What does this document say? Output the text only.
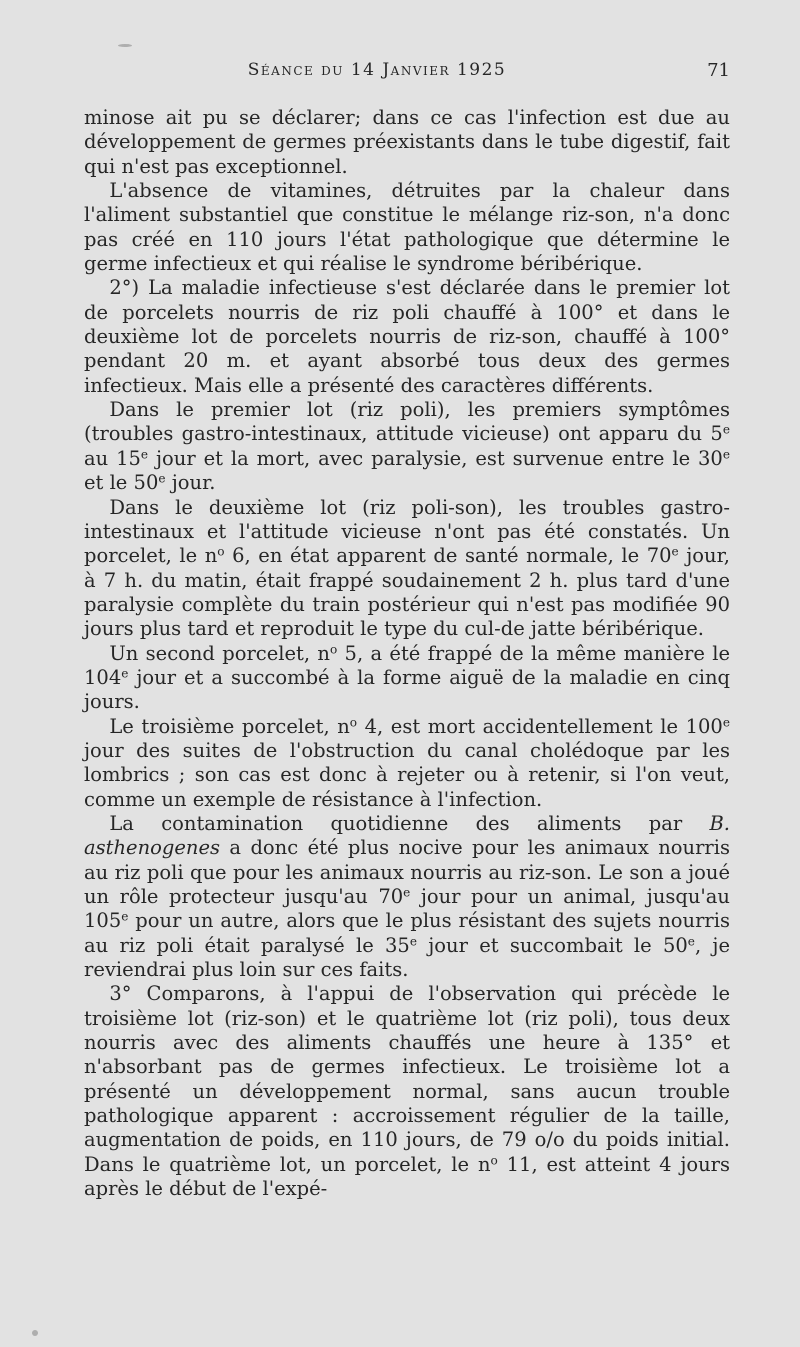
Séance du 14 Janvier 1925	71

minose ait pu se déclarer; dans ce cas l'infection est due au développement de germes préexistants dans le tube digestif, fait qui n'est pas exceptionnel.

L'absence de vitamines, détruites par la chaleur dans l'aliment substantiel que constitue le mélange riz-son, n'a donc pas créé en 110 jours l'état pathologique que détermine le germe infectieux et qui réalise le syndrome béribérique.

2°) La maladie infectieuse s'est déclarée dans le premier lot de porcelets nourris de riz poli chauffé à 100° et dans le deuxième lot de porcelets nourris de riz-son, chauffé à 100° pendant 20 m. et ayant absorbé tous deux des germes infectieux. Mais elle a présenté des caractères différents.

Dans le premier lot (riz poli), les premiers symptômes (troubles gastro-intestinaux, attitude vicieuse) ont apparu du 5e au 15e jour et la mort, avec paralysie, est survenue entre le 30e et le 50e jour.

Dans le deuxième lot (riz poli-son), les troubles gastro-intestinaux et l'attitude vicieuse n'ont pas été constatés. Un porcelet, le $n^o$ 6, en état apparent de santé normale, le 70e jour, à 7 h. du matin, était frappé soudainement 2 h. plus tard d'une paralysie complète du train postérieur qui n'est pas modifiée 90 jours plus tard et reproduit le type du cul-de jatte béribérique.

Un second porcelet, $n^o$ 5, a été frappé de la même manière le 104e jour et a succombé à la forme aiguë de la maladie en cinq jours.

Le troisième porcelet, $n^o$ 4, est mort accidentellement le 100e jour des suites de l'obstruction du canal cholédoque par les lombrics ; son cas est donc à rejeter ou à retenir, si l'on veut, comme un exemple de résistance à l'infection.

La contamination quotidienne des aliments par B. asthenogenes a donc été plus nocive pour les animaux nourris au riz poli que pour les animaux nourris au riz-son. Le son a joué un rôle protecteur jusqu'au 70e jour pour un animal, jusqu'au 105e pour un autre, alors que le plus résistant des sujets nourris au riz poli était paralysé le 35e jour et succombait le 50e, je reviendrai plus loin sur ces faits.

3° Comparons, à l'appui de l'observation qui précède le troisième lot (riz-son) et le quatrième lot (riz poli), tous deux nourris avec des aliments chauffés une heure à 135° et n'absorbant pas de germes infectieux. Le troisième lot a présenté un développement normal, sans aucun trouble pathologique apparent : accroissement régulier de la taille, augmentation de poids, en 110 jours, de 79 o/o du poids initial. Dans le quatrième lot, un porcelet, le $n^o$ 11, est atteint 4 jours après le début de l'expé-
